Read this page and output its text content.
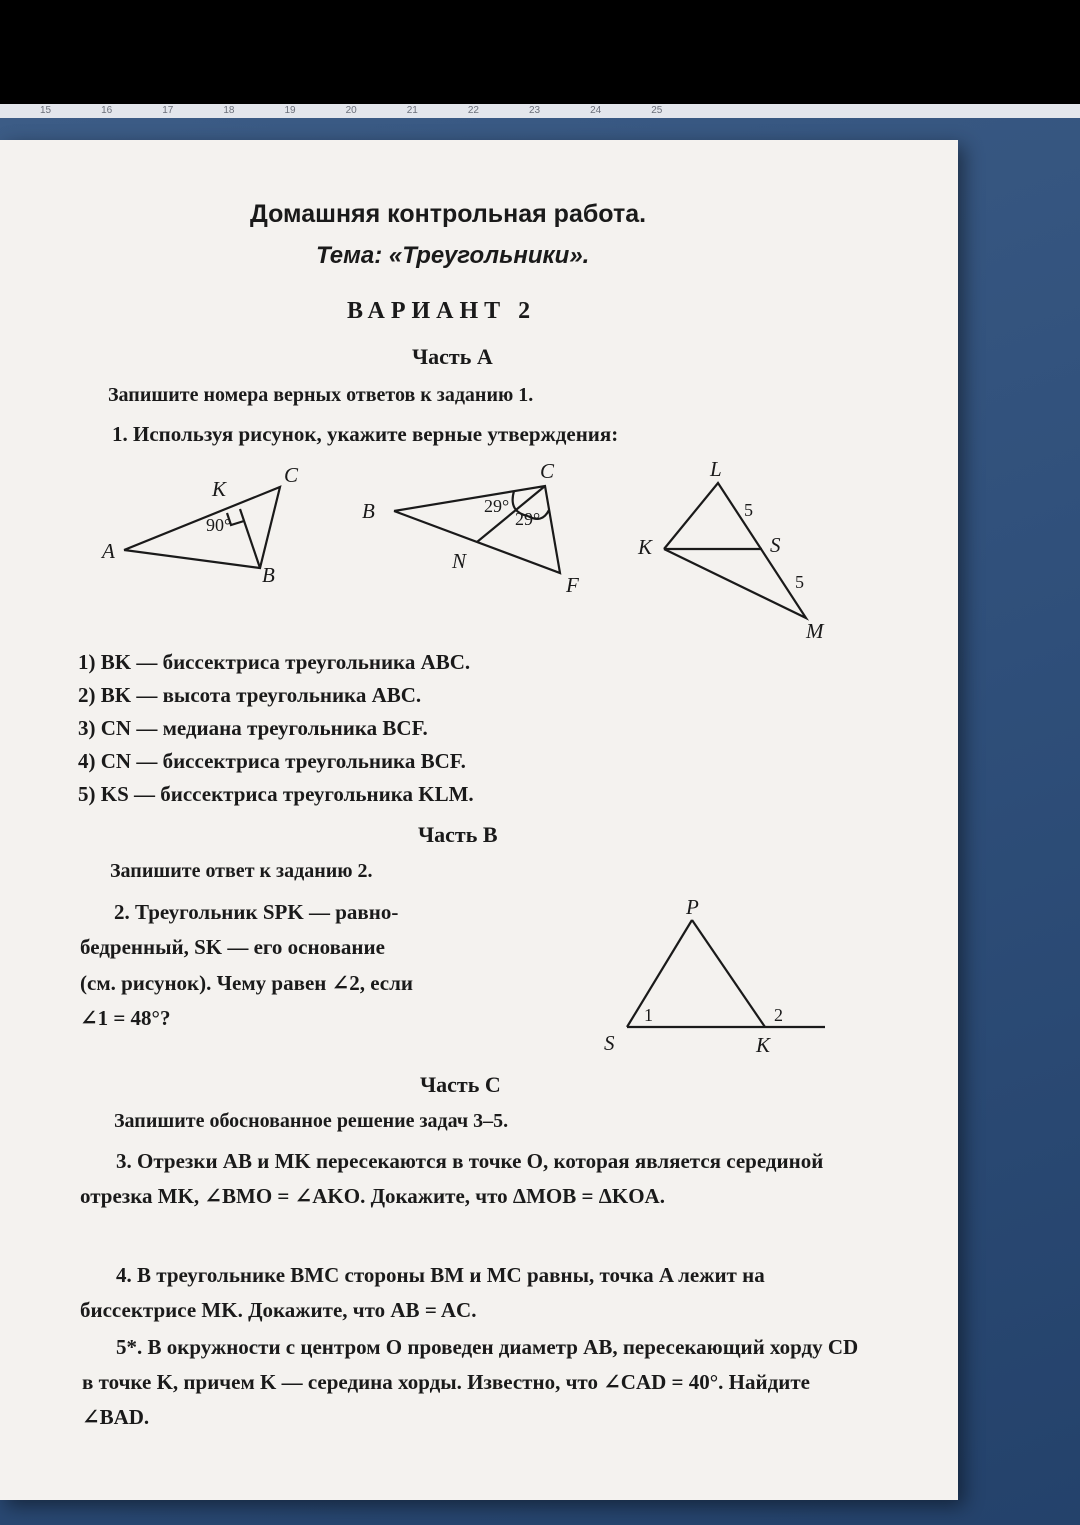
15	16	17	18	19	20	21	22	23	24	25
Домашняя контрольная работа.
Тема: «Треугольники».
ВАРИАНТ 2
Часть А
Запишите номера верных ответов к заданию 1.
1. Используя рисунок, укажите верные утверждения:
K
C
A
B
90°
B
C
N
F
29°
29°
L
K	S
M
5
5
1) BK — биссектриса треугольника ABC.
2) BK — высота треугольника ABC.
3) CN — медиана треугольника BCF.
4) CN — биссектриса треугольника BCF.
5) KS — биссектриса треугольника KLM.
Часть В
Запишите ответ к заданию 2.
2. Треугольник SPK — равно-
бедренный, SK — его основание
(см. рисунок). Чему равен ∠2, если
∠1 = 48°?
P
S	K
1	2
Часть С
Запишите обоснованное решение задач 3–5.
3. Отрезки AB и MK пересекаются в точке O, которая является серединой отрезка MK, ∠BMO = ∠AKO. Докажите, что ΔMOB = ΔKOA.
4. В треугольнике BMC стороны BM и MC равны, точка A лежит на биссектрисе MK. Докажите, что AB = AC.
5*. В окружности с центром O проведен диаметр AB, пересекающий хорду CD в точке K, причем K — середина хорды. Известно, что ∠CAD = 40°. Найдите ∠BAD.
